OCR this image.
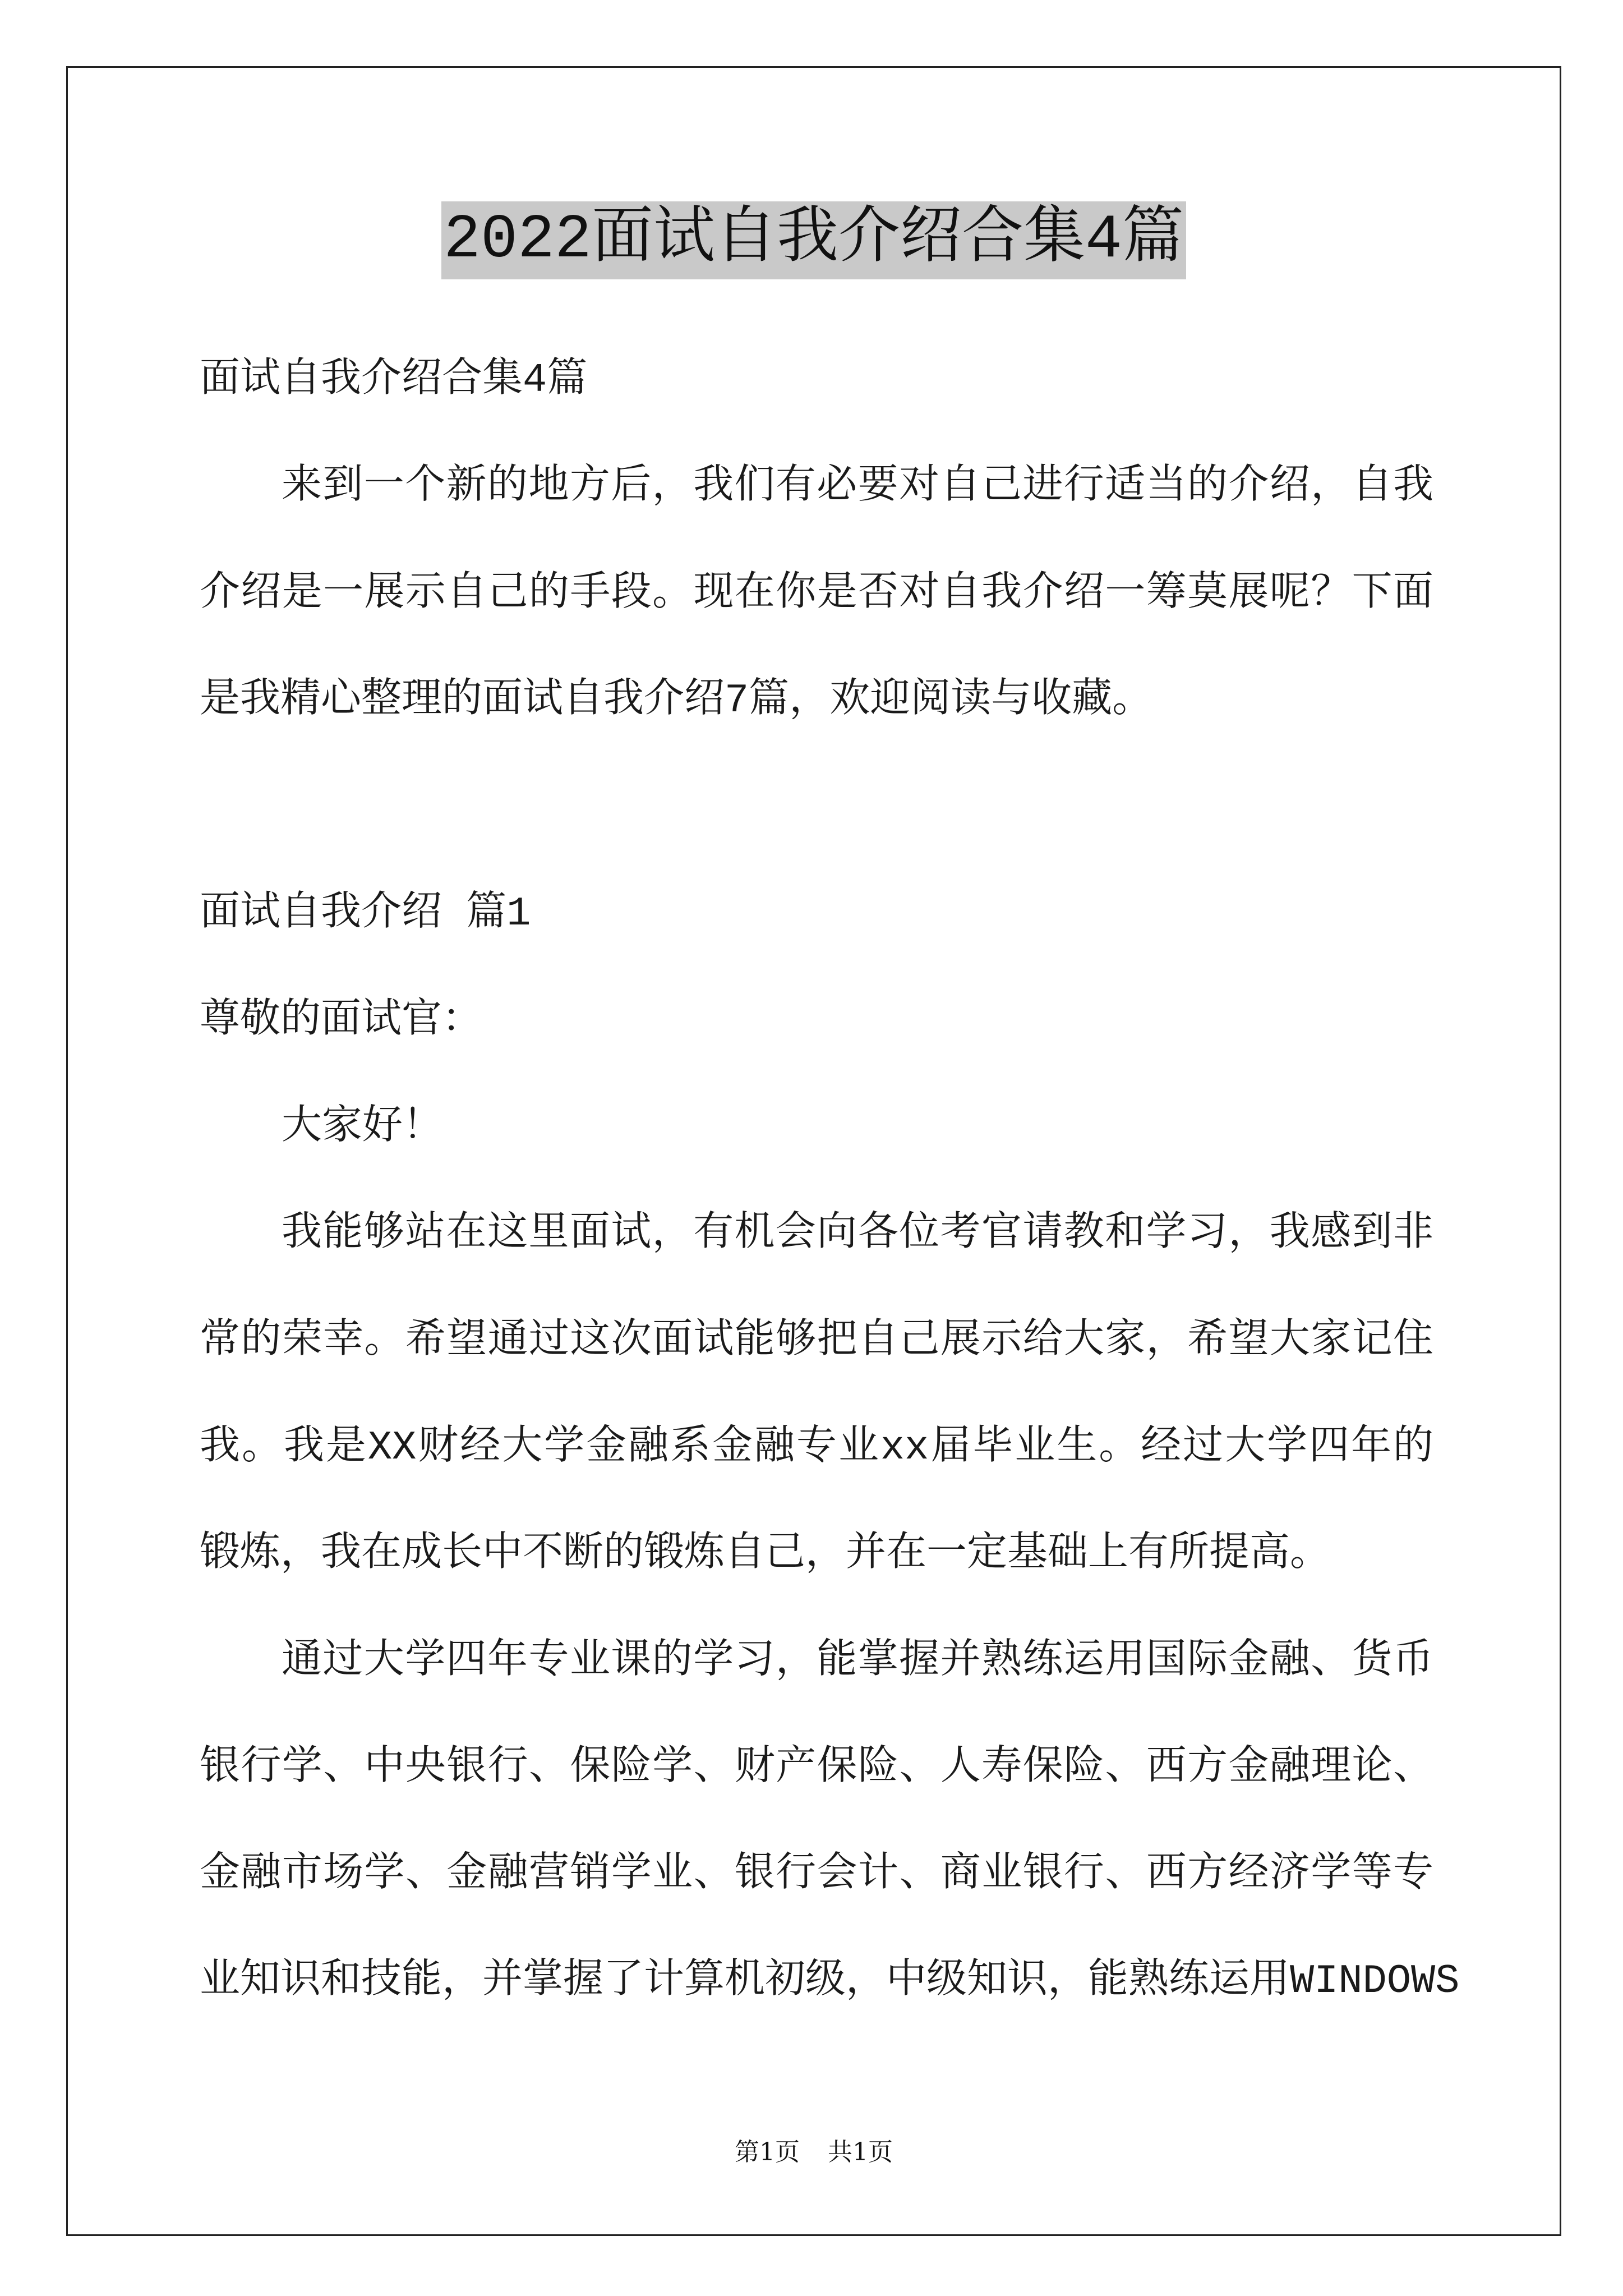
2022面试自我介绍合集4篇
面试自我介绍合集4篇
来到一个新的地方后，我们有必要对自己进行适当的介绍，自我
介绍是一展示自己的手段。现在你是否对自我介绍一筹莫展呢？下面
是我精心整理的面试自我介绍7篇，欢迎阅读与收藏。
面试自我介绍 篇1
尊敬的面试官：
大家好！
我能够站在这里面试，有机会向各位考官请教和学习，我感到非
常的荣幸。希望通过这次面试能够把自己展示给大家，希望大家记住
我。我是XX财经大学金融系金融专业xx届毕业生。经过大学四年的
锻炼，我在成长中不断的锻炼自己，并在一定基础上有所提高。
通过大学四年专业课的学习，能掌握并熟练运用国际金融、货币
银行学、中央银行、保险学、财产保险、人寿保险、西方金融理论、
金融市场学、金融营销学业、银行会计、商业银行、西方经济学等专
业知识和技能，并掌握了计算机初级，中级知识，能熟练运用WINDOWS
第1页 共1页
